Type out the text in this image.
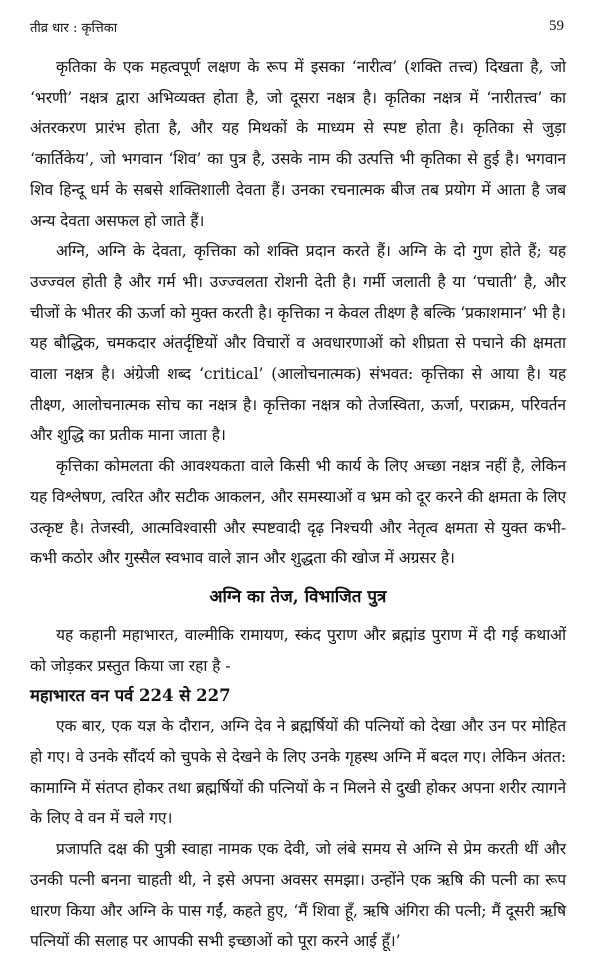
तीव्र धार : कृत्तिका	59

कृतिका के एक महत्वपूर्ण लक्षण के रूप में इसका ‘नारीत्व’ (शक्ति तत्त्व) दिखता है, जो ‘भरणी’ नक्षत्र द्वारा अभिव्यक्त होता है, जो दूसरा नक्षत्र है। कृतिका नक्षत्र में ‘नारीतत्त्व’ का अंतरकरण प्रारंभ होता है, और यह मिथकों के माध्यम से स्पष्ट होता है। कृतिका से जुड़ा ‘कार्तिकेय’, जो भगवान ‘शिव’ का पुत्र है, उसके नाम की उत्पत्ति भी कृतिका से हुई है। भगवान शिव हिन्दू धर्म के सबसे शक्तिशाली देवता हैं। उनका रचनात्मक बीज तब प्रयोग में आता है जब अन्य देवता असफल हो जाते हैं।

अग्नि, अग्नि के देवता, कृत्तिका को शक्ति प्रदान करते हैं। अग्नि के दो गुण होते हैं; यह उज्ज्वल होती है और गर्म भी। उज्ज्वलता रोशनी देती है। गर्मी जलाती है या ‘पचाती’ है, और चीजों के भीतर की ऊर्जा को मुक्त करती है। कृत्तिका न केवल तीक्ष्ण है बल्कि ‘प्रकाशमान’ भी है। यह बौद्धिक, चमकदार अंतर्दृष्टियों और विचारों व अवधारणाओं को शीघ्रता से पचाने की क्षमता वाला नक्षत्र है। अंग्रेजी शब्द ‘critical’ (आलोचनात्मक) संभवत: कृत्तिका से आया है। यह तीक्ष्ण, आलोचनात्मक सोच का नक्षत्र है। कृत्तिका नक्षत्र को तेजस्विता, ऊर्जा, पराक्रम, परिवर्तन और शुद्धि का प्रतीक माना जाता है।

कृत्तिका कोमलता की आवश्यकता वाले किसी भी कार्य के लिए अच्छा नक्षत्र नहीं है, लेकिन यह विश्लेषण, त्वरित और सटीक आकलन, और समस्याओं व भ्रम को दूर करने की क्षमता के लिए उत्कृष्ट है। तेजस्वी, आत्मविश्वासी और स्पष्टवादी दृढ़ निश्चयी और नेतृत्व क्षमता से युक्त कभी-कभी कठोर और गुस्सैल स्वभाव वाले ज्ञान और शुद्धता की खोज में अग्रसर है।

अग्नि का तेज, विभाजित पुत्र

यह कहानी महाभारत, वाल्मीकि रामायण, स्कंद पुराण और ब्रह्मांड पुराण में दी गई कथाओं को जोड़कर प्रस्तुत किया जा रहा है -

महाभारत वन पर्व 224 से 227

एक बार, एक यज्ञ के दौरान, अग्नि देव ने ब्रह्मर्षियों की पत्नियों को देखा और उन पर मोहित हो गए। वे उनके सौंदर्य को चुपके से देखने के लिए उनके गृहस्थ अग्नि में बदल गए। लेकिन अंतत: कामाग्नि में संतप्त होकर तथा ब्रह्मर्षियों की पत्नियों के न मिलने से दुखी होकर अपना शरीर त्यागने के लिए वे वन में चले गए।

प्रजापति दक्ष की पुत्री स्वाहा नामक एक देवी, जो लंबे समय से अग्नि से प्रेम करती थीं और उनकी पत्नी बनना चाहती थी, ने इसे अपना अवसर समझा। उन्होंने एक ऋषि की पत्नी का रूप धारण किया और अग्नि के पास गईं, कहते हुए, ‘मैं शिवा हूँ, ऋषि अंगिरा की पत्नी; मैं दूसरी ऋषि पत्नियों की सलाह पर आपकी सभी इच्छाओं को पूरा करने आई हूँ।’
